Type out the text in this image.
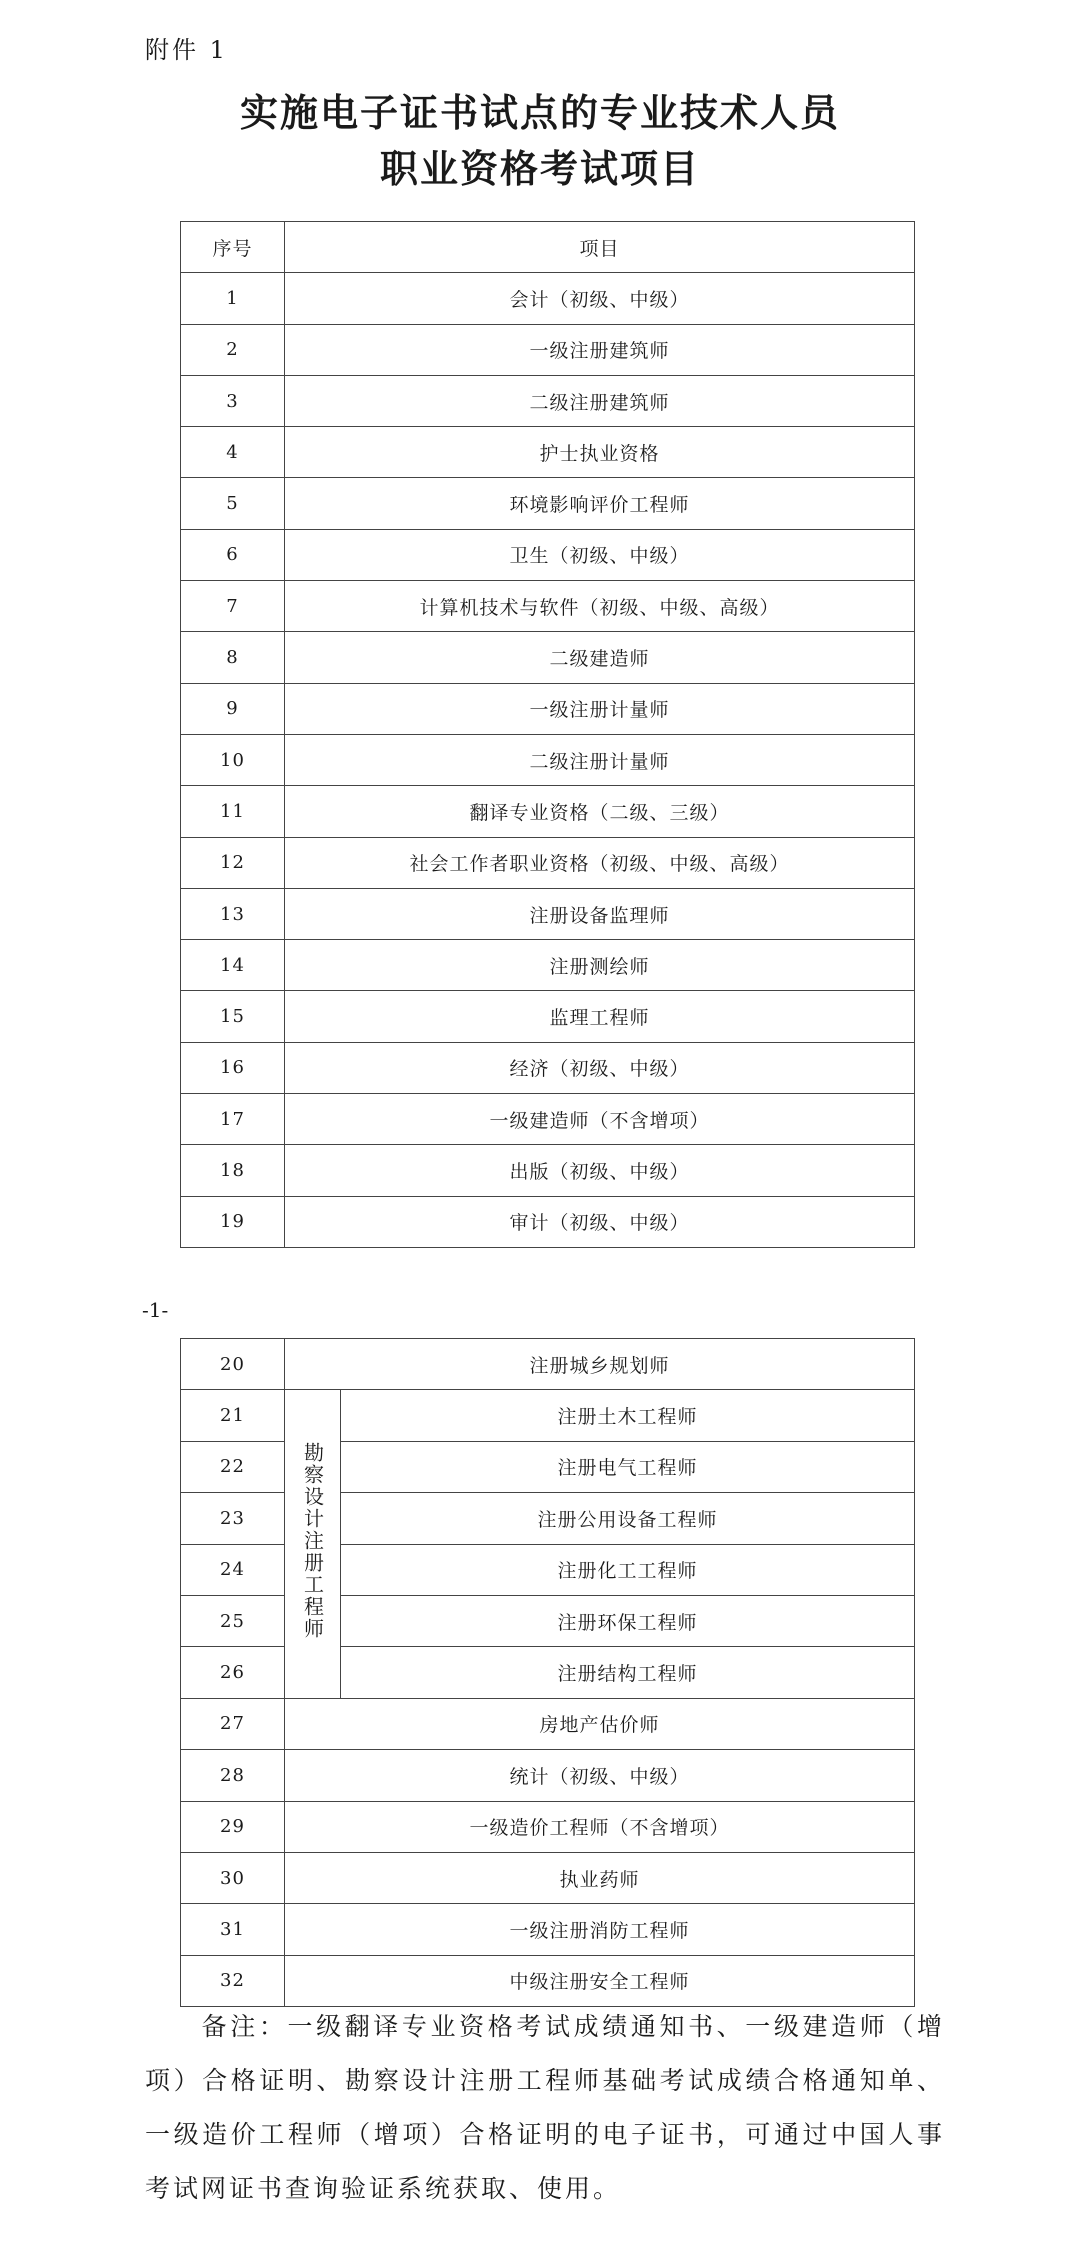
附件 1
实施电子证书试点的专业技术人员
职业资格考试项目
序号	项目
1	会计（初级、中级）
2	一级注册建筑师
3	二级注册建筑师
4	护士执业资格
5	环境影响评价工程师
6	卫生（初级、中级）
7	计算机技术与软件（初级、中级、高级）
8	二级建造师
9	一级注册计量师
10	二级注册计量师
11	翻译专业资格（二级、三级）
12	社会工作者职业资格（初级、中级、高级）
13	注册设备监理师
14	注册测绘师
15	监理工程师
16	经济（初级、中级）
17	一级建造师（不含增项）
18	出版（初级、中级）
19	审计（初级、中级）
-1-
20	注册城乡规划师	
21	勘察设计注册工程师	注册土木工程师
22		注册电气工程师
23		注册公用设备工程师
24		注册化工工程师
25		注册环保工程师
26		注册结构工程师
27	房地产估价师	
28	统计（初级、中级）	
29	一级造价工程师（不含增项）	
30	执业药师	
31	一级注册消防工程师	
32	中级注册安全工程师	
备注：一级翻译专业资格考试成绩通知书、一级建造师（增项）合格证明、勘察设计注册工程师基础考试成绩合格通知单、一级造价工程师（增项）合格证明的电子证书，可通过中国人事考试网证书查询验证系统获取、使用。
